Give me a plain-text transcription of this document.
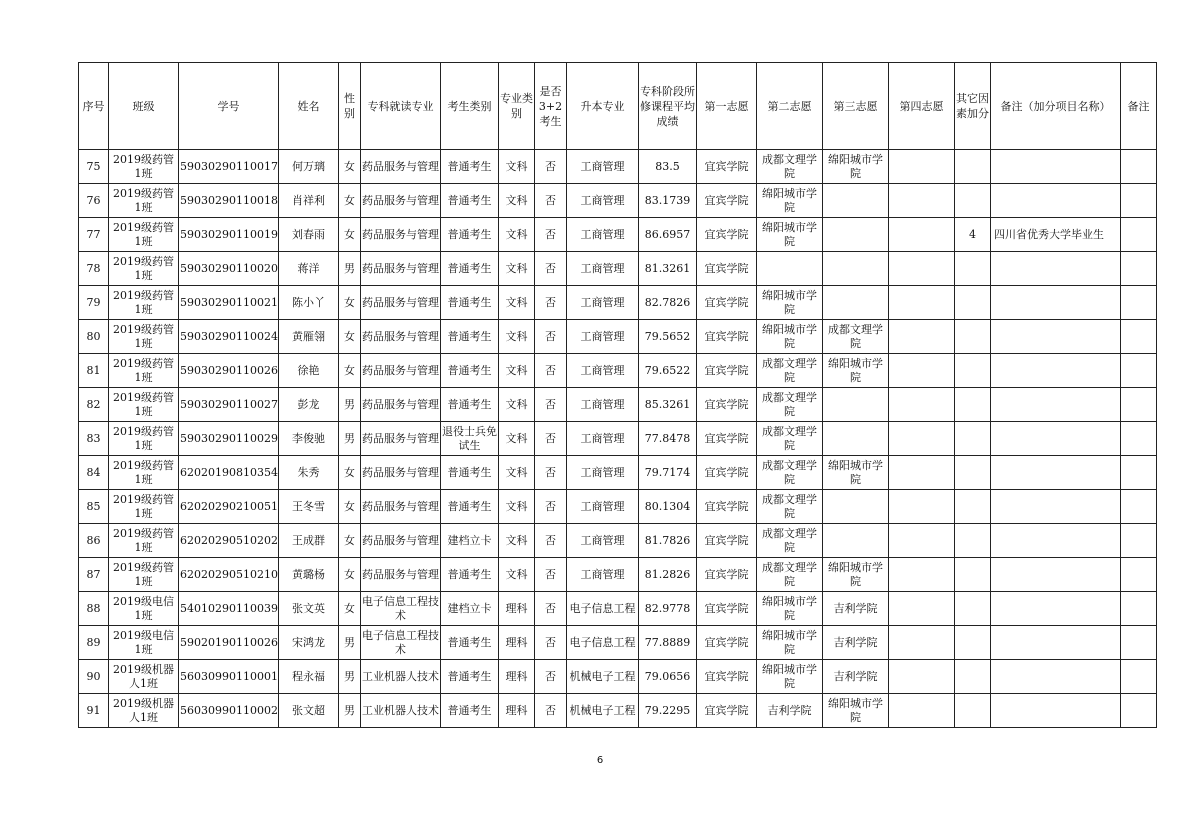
序号	班级	学号	姓名	性别	专科就读专业	考生类别	专业类别	是否3+2考生	升本专业	专科阶段所修课程平均成绩	第一志愿	第二志愿	第三志愿	第四志愿	其它因素加分	备注（加分项目名称）	备注
75	2019级药管1班	59030290110017	何万璃	女	药品服务与管理	普通考生	文科	否	工商管理	83.5	宜宾学院	成都文理学院	绵阳城市学院				
76	2019级药管1班	59030290110018	肖祥利	女	药品服务与管理	普通考生	文科	否	工商管理	83.1739	宜宾学院	绵阳城市学院					
77	2019级药管1班	59030290110019	刘春雨	女	药品服务与管理	普通考生	文科	否	工商管理	86.6957	宜宾学院	绵阳城市学院			4	四川省优秀大学毕业生	
78	2019级药管1班	59030290110020	蒋洋	男	药品服务与管理	普通考生	文科	否	工商管理	81.3261	宜宾学院						
79	2019级药管1班	59030290110021	陈小丫	女	药品服务与管理	普通考生	文科	否	工商管理	82.7826	宜宾学院	绵阳城市学院					
80	2019级药管1班	59030290110024	黄雁翎	女	药品服务与管理	普通考生	文科	否	工商管理	79.5652	宜宾学院	绵阳城市学院	成都文理学院				
81	2019级药管1班	59030290110026	徐艳	女	药品服务与管理	普通考生	文科	否	工商管理	79.6522	宜宾学院	成都文理学院	绵阳城市学院				
82	2019级药管1班	59030290110027	彭龙	男	药品服务与管理	普通考生	文科	否	工商管理	85.3261	宜宾学院	成都文理学院					
83	2019级药管1班	59030290110029	李俊驰	男	药品服务与管理	退役士兵免试生	文科	否	工商管理	77.8478	宜宾学院	成都文理学院					
84	2019级药管1班	62020190810354	朱秀	女	药品服务与管理	普通考生	文科	否	工商管理	79.7174	宜宾学院	成都文理学院	绵阳城市学院				
85	2019级药管1班	62020290210051	王冬雪	女	药品服务与管理	普通考生	文科	否	工商管理	80.1304	宜宾学院	成都文理学院					
86	2019级药管1班	62020290510202	王成群	女	药品服务与管理	建档立卡	文科	否	工商管理	81.7826	宜宾学院	成都文理学院					
87	2019级药管1班	62020290510210	黄璐杨	女	药品服务与管理	普通考生	文科	否	工商管理	81.2826	宜宾学院	成都文理学院	绵阳城市学院				
88	2019级电信1班	54010290110039	张文英	女	电子信息工程技术	建档立卡	理科	否	电子信息工程	82.9778	宜宾学院	绵阳城市学院	吉利学院				
89	2019级电信1班	59020190110026	宋鸿龙	男	电子信息工程技术	普通考生	理科	否	电子信息工程	77.8889	宜宾学院	绵阳城市学院	吉利学院				
90	2019级机器人1班	56030990110001	程永福	男	工业机器人技术	普通考生	理科	否	机械电子工程	79.0656	宜宾学院	绵阳城市学院	吉利学院				
91	2019级机器人1班	56030990110002	张文超	男	工业机器人技术	普通考生	理科	否	机械电子工程	79.2295	宜宾学院	吉利学院	绵阳城市学院				
6
